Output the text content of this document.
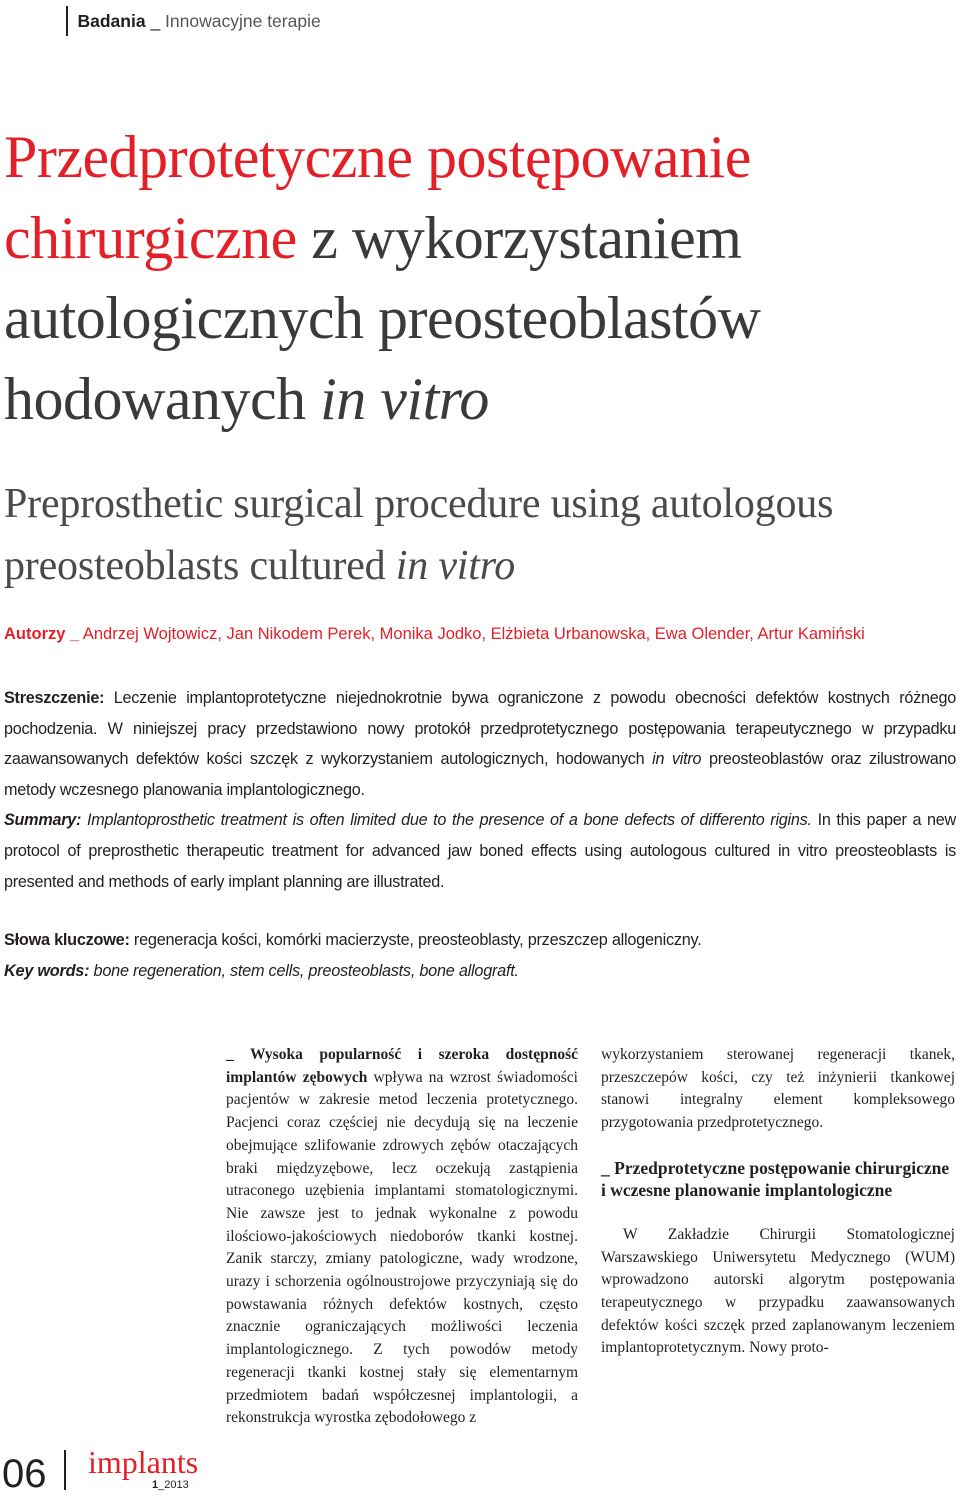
Badania _ Innowacyjne terapie
Przedprotetyczne postępowanie chirurgiczne z wykorzystaniem autologicznych preosteoblastów hodowanych in vitro
Preprosthetic surgical procedure using autologous preosteoblasts cultured in vitro
Autorzy _ Andrzej Wojtowicz, Jan Nikodem Perek, Monika Jodko, Elżbieta Urbanowska, Ewa Olender, Artur Kamiński

Streszczenie: Leczenie implantoprotetyczne niejednokrotnie bywa ograniczone z powodu obecności defektów kostnych różnego pochodzenia. W niniejszej pracy przedstawiono nowy protokół przedprotetycznego postępowania terapeutycznego w przypadku zaawansowanych defektów kości szczęk z wykorzystaniem autologicznych, hodowanych in vitro preosteoblastów oraz zilustrowano metody wczesnego planowania implantologicznego.

Summary: Implantoprosthetic treatment is often limited due to the presence of a bone defects of differento rigins. In this paper a new protocol of preprosthetic therapeutic treatment for advanced jaw boned effects using autologous cultured in vitro preosteoblasts is presented and methods of early implant planning are illustrated.

Słowa kluczowe: regeneracja kości, komórki macierzyste, preosteoblasty, przeszczep allogeniczny.

Key words: bone regeneration, stem cells, preosteoblasts, bone allograft.

_ Wysoka popularność i szeroka dostępność implantów zębowych wpływa na wzrost świadomości pacjentów w zakresie metod leczenia protetycznego. Pacjenci coraz częściej nie decydują się na leczenie obejmujące szlifowanie zdrowych zębów otaczających braki międzyzębowe, lecz oczekują zastąpienia utraconego uzębienia implantami stomatologicznymi. Nie zawsze jest to jednak wykonalne z powodu ilościowo-jakościowych niedoborów tkanki kostnej. Zanik starczy, zmiany patologiczne, wady wrodzone, urazy i schorzenia ogólnoustrojowe przyczyniają się do powstawania różnych defektów kostnych, często znacznie ograniczających możliwości leczenia implantologicznego. Z tych powodów metody regeneracji tkanki kostnej stały się elementarnym przedmiotem badań współczesnej implantologii, a rekonstrukcja wyrostka zębodołowego z

wykorzystaniem sterowanej regeneracji tkanek, przeszczepów kości, czy też inżynierii tkankowej stanowi integralny element kompleksowego przygotowania przedprotetycznego.

_ Przedprotetyczne postępowanie chirurgiczne i wczesne planowanie implantologiczne

W Zakładzie Chirurgii Stomatologicznej Warszawskiego Uniwersytetu Medycznego (WUM) wprowadzono autorski algorytm postępowania terapeutycznego w przypadku zaawansowanych defektów kości szczęk przed zaplanowanym leczeniem implantoprotetycznym. Nowy proto-

06 implants
1_2013
